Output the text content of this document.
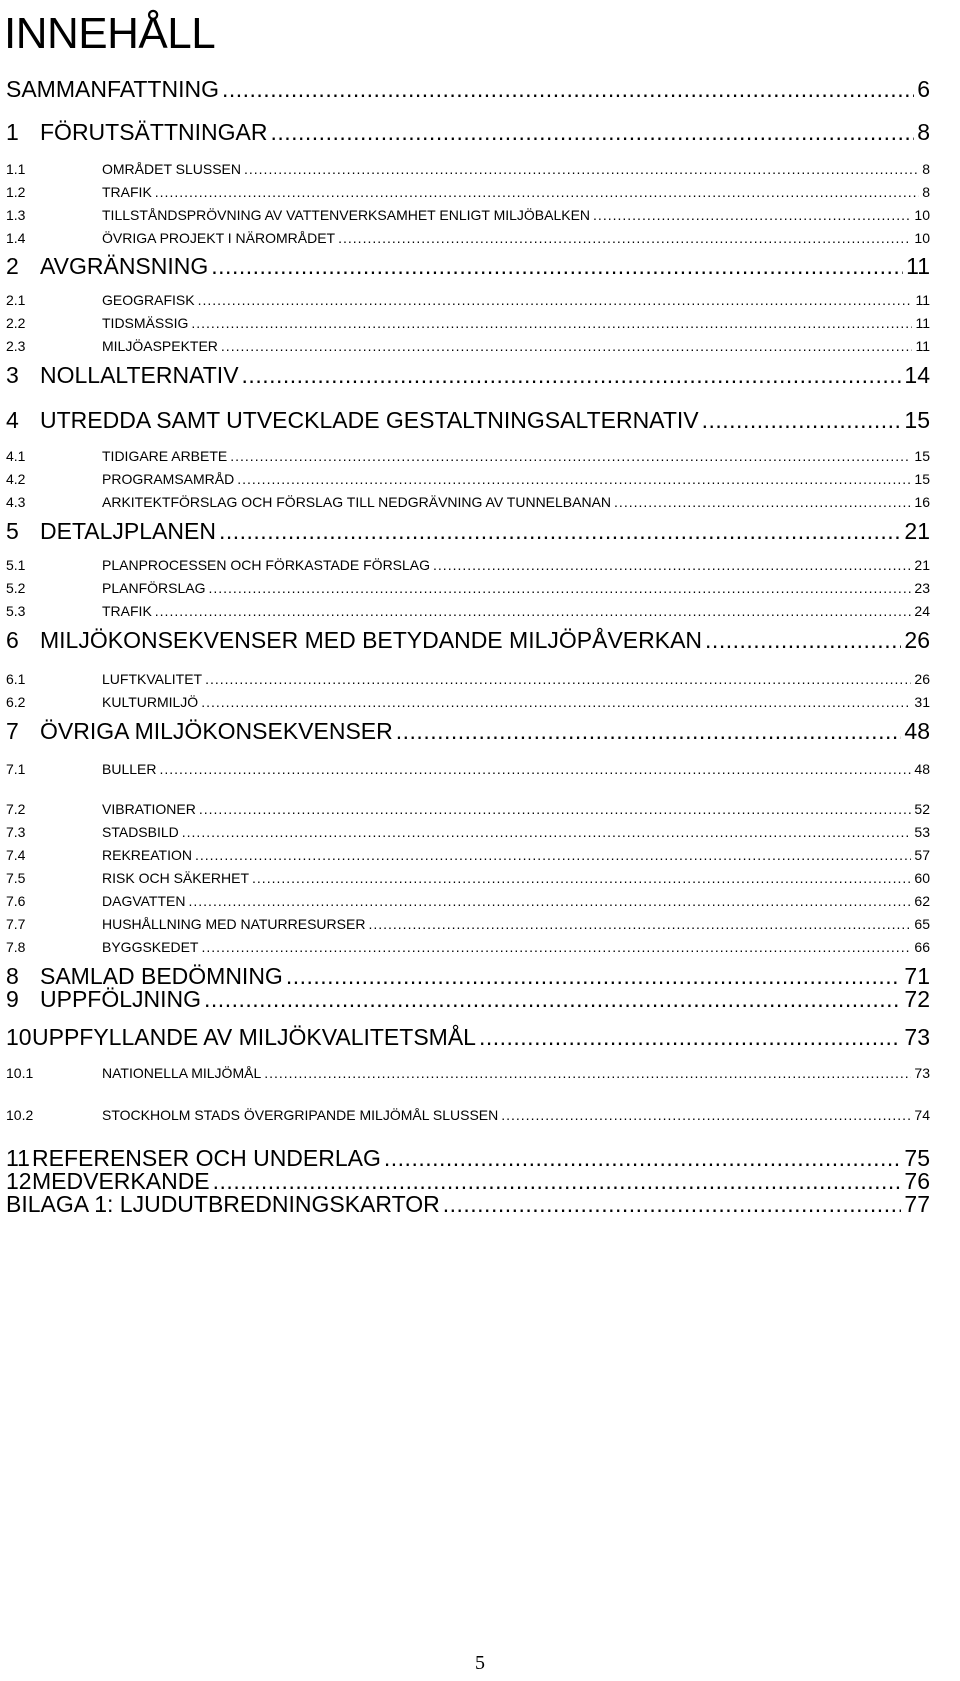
INNEHÅLL
SAMMANFATTNING .....	6
1 FÖRUTSÄTTNINGAR .....	8
1.1	OMRÅDET SLUSSEN .....	8
1.2	TRAFIK .....	8
1.3	TILLSTÅNDSPRÖVNING AV VATTENVERKSAMHET ENLIGT MILJÖBALKEN .....	10
1.4	ÖVRIGA PROJEKT I NÄROMRÅDET .....	10
2 AVGRÄNSNING .....	11
2.1	GEOGRAFISK .....	11
2.2	TIDSMÄSSIG .....	11
2.3	MILJÖASPEKTER .....	11
3 NOLLALTERNATIV .....	14
4 UTREDDA SAMT UTVECKLADE GESTALTNINGSALTERNATIV .....	15
4.1	TIDIGARE ARBETE .....	15
4.2	PROGRAMSAMRÅD .....	15
4.3	ARKITEKTFÖRSLAG OCH FÖRSLAG TILL NEDGRÄVNING AV TUNNELBANAN .....	16
5 DETALJPLANEN .....	21
5.1	PLANPROCESSEN OCH FÖRKASTADE FÖRSLAG .....	21
5.2	PLANFÖRSLAG .....	23
5.3	TRAFIK .....	24
6 MILJÖKONSEKVENSER MED BETYDANDE MILJÖPÅVERKAN .....	26
6.1	LUFTKVALITET .....	26
6.2	KULTURMILJÖ .....	31
7 ÖVRIGA MILJÖKONSEKVENSER .....	48
7.1	BULLER .....	48
7.2	VIBRATIONER .....	52
7.3	STADSBILD .....	53
7.4	REKREATION .....	57
7.5	RISK OCH SÄKERHET .....	60
7.6	DAGVATTEN .....	62
7.7	HUSHÅLLNING MED NATURRESURSER .....	65
7.8	BYGGSKEDET .....	66
8 SAMLAD BEDÖMNING .....	71
9 UPPFÖLJNING .....	72
10 UPPFYLLANDE AV MILJÖKVALITETSMÅL .....	73
10.1	NATIONELLA MILJÖMÅL .....	73
10.2	STOCKHOLM STADS ÖVERGRIPANDE MILJÖMÅL SLUSSEN .....	74
11 REFERENSER OCH UNDERLAG .....	75
12 MEDVERKANDE .....	76
BILAGA 1: LJUDUTBREDNINGSKARTOR .....	77
5
